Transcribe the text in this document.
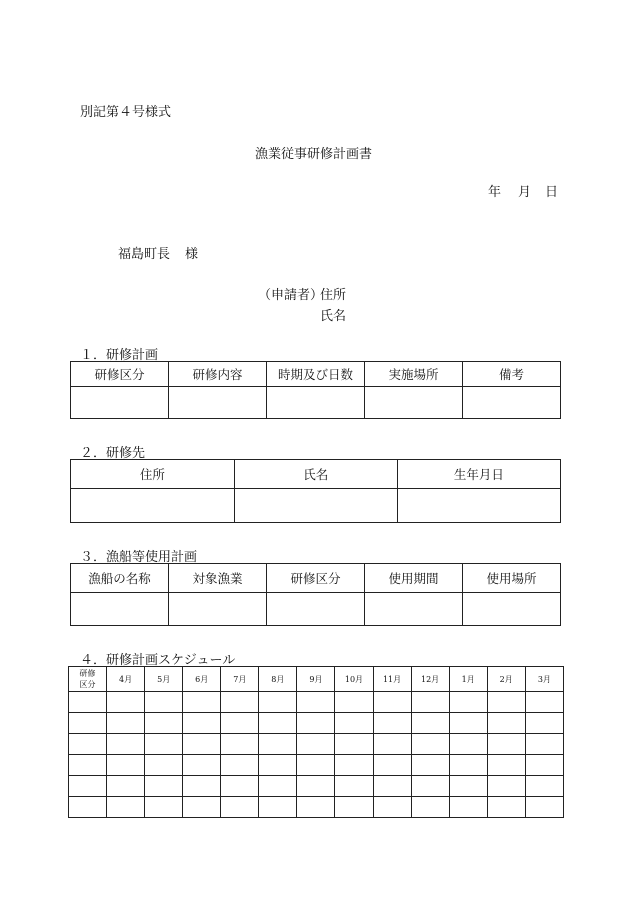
別記第４号様式
漁業従事研修計画書
年 月 日
福島町長 様
（申請者）
住所
氏名
１．研修計画
研修区分	研修内容	時期及び日数	実施場所	備考

２．研修先
住所	氏名	生年月日

３．漁船等使用計画
漁船の名称	対象漁業	研修区分	使用期間	使用場所

４．研修計画スケジュール
研修
区分	4月	5月	6月	7月	8月	9月	10月	11月	12月	1月	2月	3月
